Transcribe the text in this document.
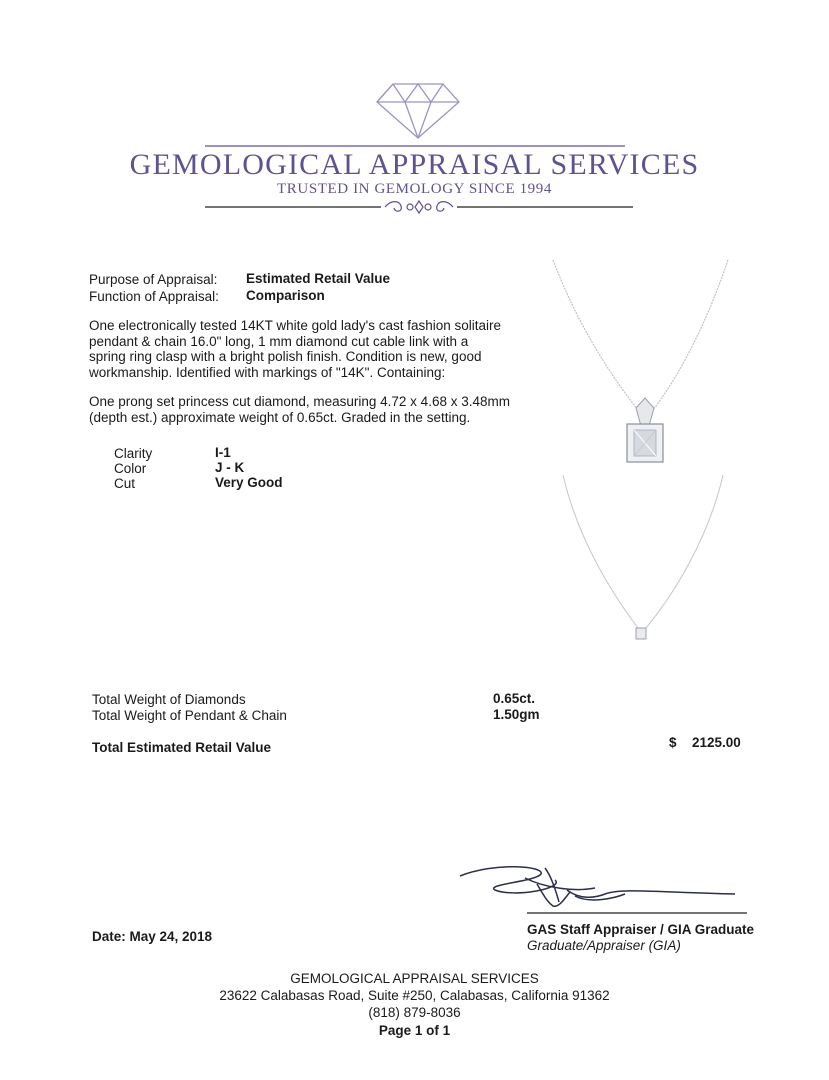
GEMOLOGICAL APPRAISAL SERVICES
TRUSTED IN GEMOLOGY SINCE 1994
Purpose of Appraisal: Estimated Retail Value
Function of Appraisal: Comparison
One electronically tested 14KT white gold lady's cast fashion solitaire
pendant & chain 16.0" long, 1 mm diamond cut cable link with a
spring ring clasp with a bright polish finish. Condition is new, good
workmanship. Identified with markings of "14K". Containing:
One prong set princess cut diamond, measuring 4.72 x 4.68 x 3.48mm
(depth est.) approximate weight of 0.65ct. Graded in the setting.
Clarity	I-1
Color	J - K
Cut	Very Good
Total Weight of Diamonds	0.65ct.
Total Weight of Pendant & Chain	1.50gm
Total Estimated Retail Value	$ 2125.00
GAS Staff Appraiser / GIA Graduate
Graduate/Appraiser (GIA)
Date: May 24, 2018
GEMOLOGICAL APPRAISAL SERVICES
23622 Calabasas Road, Suite #250, Calabasas, California 91362
(818) 879-8036
Page 1 of 1
